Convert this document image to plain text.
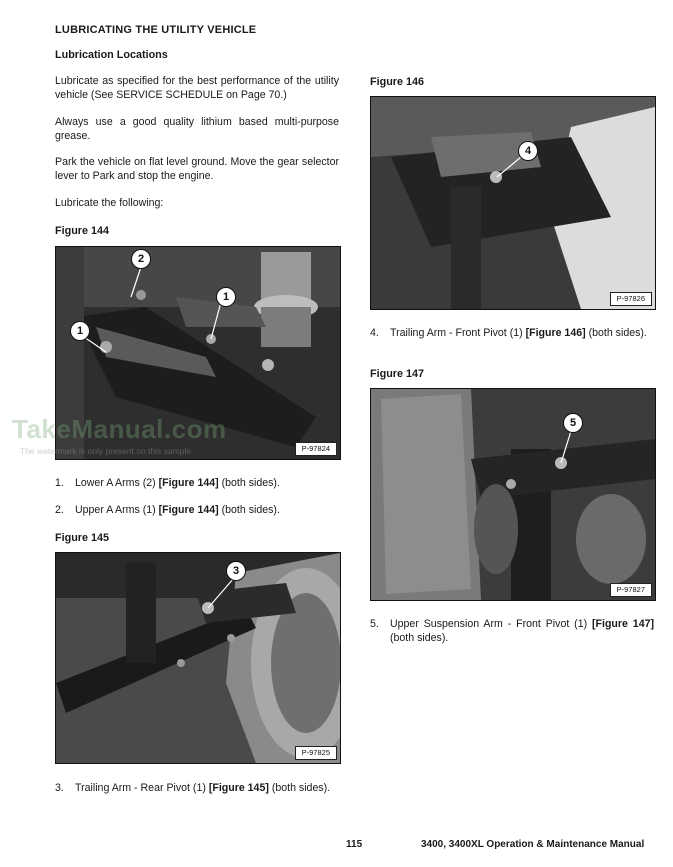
LUBRICATING THE UTILITY VEHICLE
Lubrication Locations
Lubricate as specified for the best performance of the utility vehicle (See SERVICE SCHEDULE on Page 70.)
Always use a good quality lithium based multi-purpose grease.
Park the vehicle on flat level ground. Move the gear selector lever to Park and stop the engine.
Lubricate the following:
Figure 144
2
1
1
P-97824
TakeManual.com
The watermark is only present on this sample
1. Lower A Arms (2) [Figure 144] (both sides).
2. Upper A Arms (1) [Figure 144] (both sides).
Figure 145
3
P-97825
3. Trailing Arm - Rear Pivot (1) [Figure 145] (both sides).
Figure 146
4
P-97826
4. Trailing Arm - Front Pivot (1) [Figure 146] (both sides).
Figure 147
5
P-97827
5. Upper Suspension Arm - Front Pivot (1) [Figure 147] (both sides).
115	3400, 3400XL Operation & Maintenance Manual
